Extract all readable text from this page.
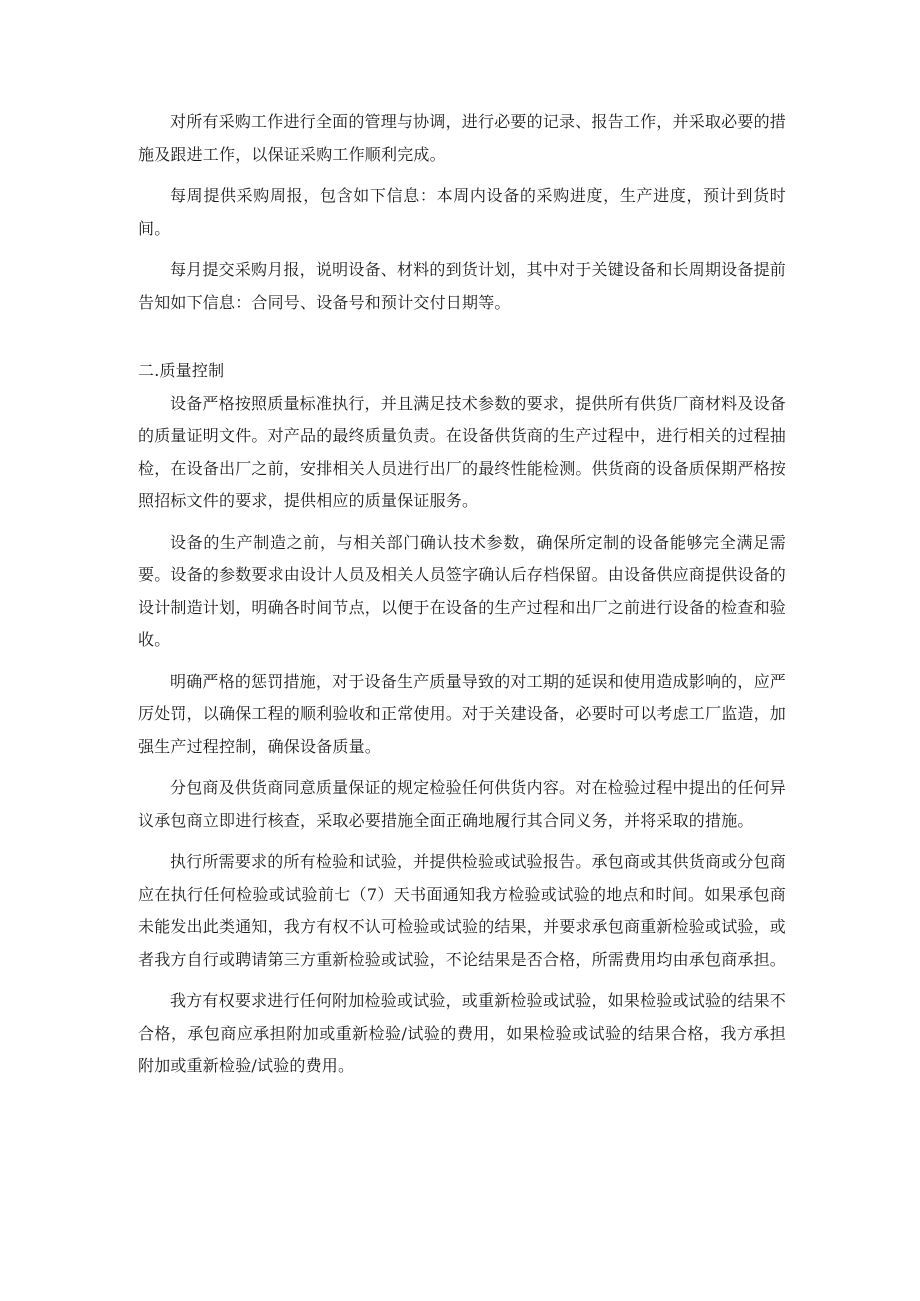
对所有采购工作进行全面的管理与协调，进行必要的记录、报告工作，并采取必要的措施及跟进工作，以保证采购工作顺利完成。

每周提供采购周报，包含如下信息：本周内设备的采购进度，生产进度，预计到货时间。

每月提交采购月报，说明设备、材料的到货计划，其中对于关键设备和长周期设备提前告知如下信息：合同号、设备号和预计交付日期等。

二.质量控制

设备严格按照质量标准执行，并且满足技术参数的要求，提供所有供货厂商材料及设备的质量证明文件。对产品的最终质量负责。在设备供货商的生产过程中，进行相关的过程抽检，在设备出厂之前，安排相关人员进行出厂的最终性能检测。供货商的设备质保期严格按照招标文件的要求，提供相应的质量保证服务。

设备的生产制造之前，与相关部门确认技术参数，确保所定制的设备能够完全满足需要。设备的参数要求由设计人员及相关人员签字确认后存档保留。由设备供应商提供设备的设计制造计划，明确各时间节点，以便于在设备的生产过程和出厂之前进行设备的检查和验收。

明确严格的惩罚措施，对于设备生产质量导致的对工期的延误和使用造成影响的，应严厉处罚，以确保工程的顺利验收和正常使用。对于关建设备，必要时可以考虑工厂监造，加强生产过程控制，确保设备质量。

分包商及供货商同意质量保证的规定检验任何供货内容。对在检验过程中提出的任何异议承包商立即进行核查，采取必要措施全面正确地履行其合同义务，并将采取的措施。

执行所需要求的所有检验和试验，并提供检验或试验报告。承包商或其供货商或分包商应在执行任何检验或试验前七（7）天书面通知我方检验或试验的地点和时间。如果承包商未能发出此类通知，我方有权不认可检验或试验的结果，并要求承包商重新检验或试验，或者我方自行或聘请第三方重新检验或试验，不论结果是否合格，所需费用均由承包商承担。

我方有权要求进行任何附加检验或试验，或重新检验或试验，如果检验或试验的结果不合格，承包商应承担附加或重新检验/试验的费用，如果检验或试验的结果合格，我方承担附加或重新检验/试验的费用。
